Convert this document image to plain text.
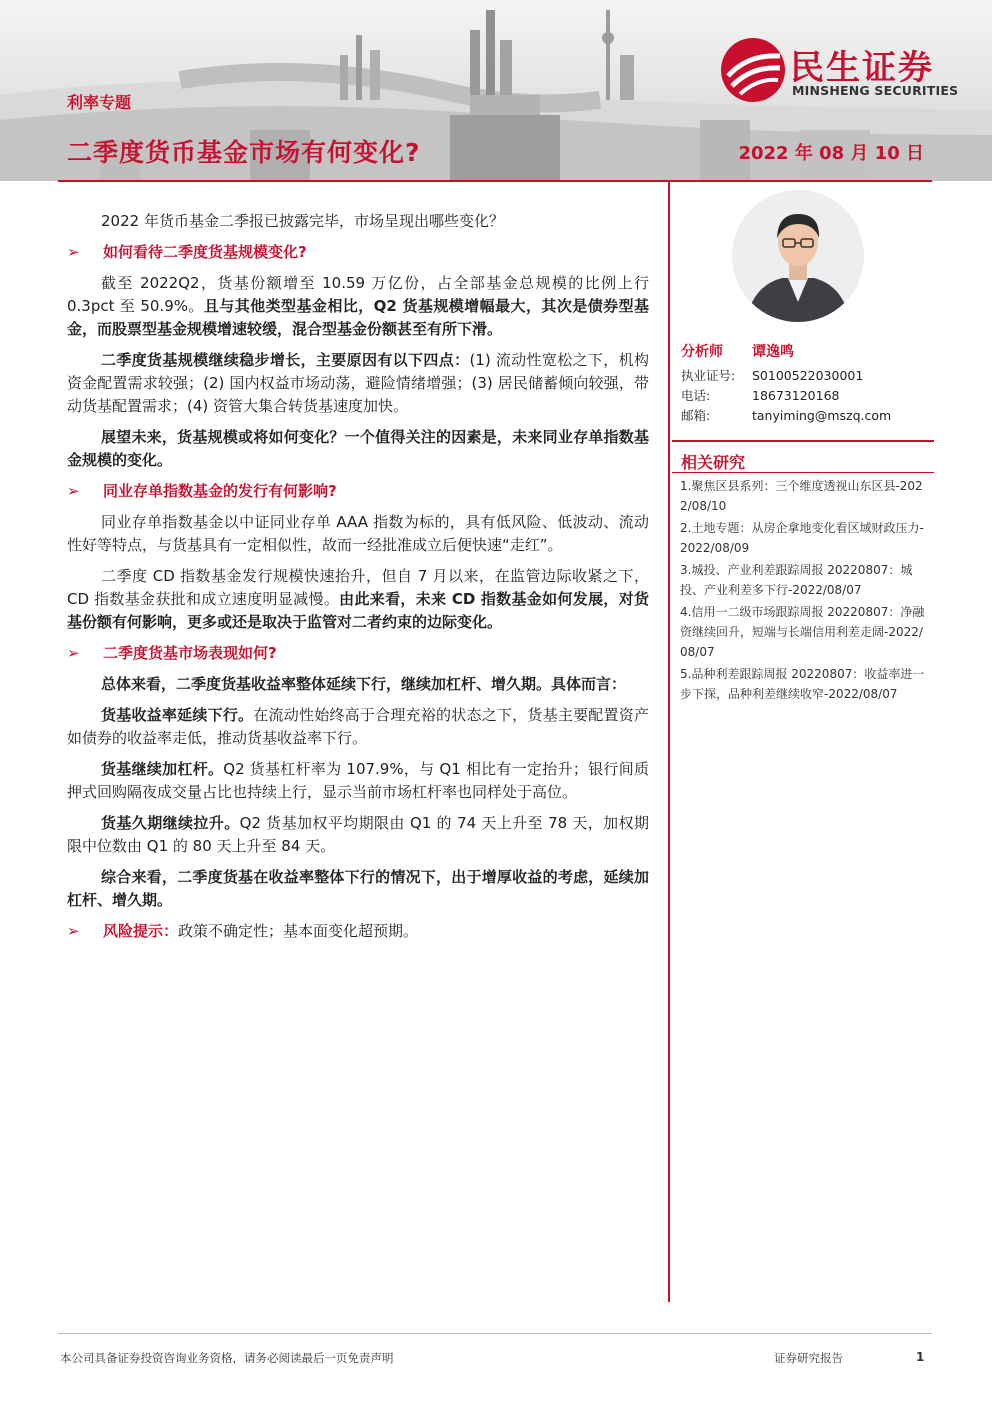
利率专题
二季度货币基金市场有何变化?	2022 年 08 月 10 日
民生证券
MINSHENG SECURITIES

2022 年货币基金二季报已披露完毕，市场呈现出哪些变化？

➢ 如何看待二季度货基规模变化?

截至 2022Q2，货基份额增至 10.59 万亿份，占全部基金总规模的比例上行 0.3pct 至 50.9%。且与其他类型基金相比，Q2 货基规模增幅最大，其次是债券型基金，而股票型基金规模增速较缓，混合型基金份额甚至有所下滑。

二季度货基规模继续稳步增长，主要原因有以下四点：(1) 流动性宽松之下，机构资金配置需求较强；(2) 国内权益市场动荡，避险情绪增强；(3) 居民储蓄倾向较强，带动货基配置需求；(4) 资管大集合转货基速度加快。

展望未来，货基规模或将如何变化？一个值得关注的因素是，未来同业存单指数基金规模的变化。

➢ 同业存单指数基金的发行有何影响?

同业存单指数基金以中证同业存单 AAA 指数为标的，具有低风险、低波动、流动性好等特点，与货基具有一定相似性，故而一经批准成立后便快速“走红”。

二季度 CD 指数基金发行规模快速抬升，但自 7 月以来，在监管边际收紧之下，CD 指数基金获批和成立速度明显减慢。由此来看，未来 CD 指数基金如何发展，对货基份额有何影响，更多或还是取决于监管对二者约束的边际变化。

➢ 二季度货基市场表现如何?

总体来看，二季度货基收益率整体延续下行，继续加杠杆、增久期。具体而言：

货基收益率延续下行。在流动性始终高于合理充裕的状态之下，货基主要配置资产如债券的收益率走低，推动货基收益率下行。

货基继续加杠杆。Q2 货基杠杆率为 107.9%，与 Q1 相比有一定抬升；银行间质押式回购隔夜成交量占比也持续上行，显示当前市场杠杆率也同样处于高位。

货基久期继续拉升。Q2 货基加权平均期限由 Q1 的 74 天上升至 78 天，加权期限中位数由 Q1 的 80 天上升至 84 天。

综合来看，二季度货基在收益率整体下行的情况下，出于增厚收益的考虑，延续加杠杆、增久期。

➢ 风险提示：政策不确定性；基本面变化超预期。

分析师 谭逸鸣
执业证号: S0100522030001
电话:	18673120168
邮箱:	tanyiming@mszq.com
相关研究
1.聚焦区县系列：三个维度透视山东区县-2022/08/10
2.土地专题：从房企拿地变化看区域财政压力-2022/08/09
3.城投、产业利差跟踪周报 20220807：城投、产业利差多下行-2022/08/07
4.信用一二级市场跟踪周报 20220807：净融资继续回升，短端与长端信用利差走阔-2022/08/07
5.品种利差跟踪周报 20220807：收益率进一步下探，品种利差继续收窄-2022/08/07
本公司具备证券投资咨询业务资格，请务必阅读最后一页免责声明	证券研究报告	1
